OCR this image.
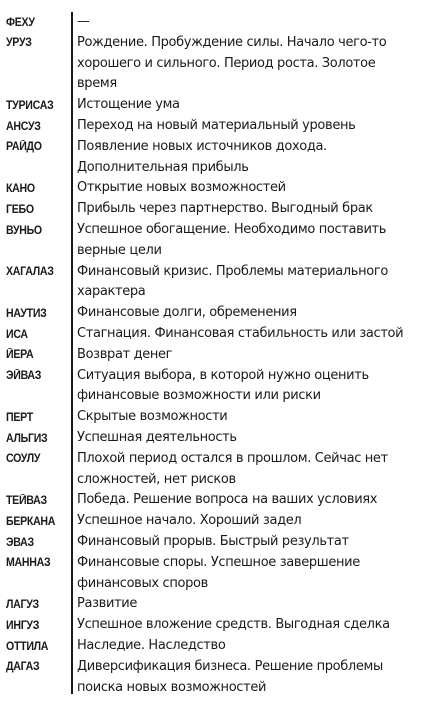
ФЕХУ	—
УРУЗ	Рождение. Пробуждение силы. Начало чего-то
хорошего и сильного. Период роста. Золотое
время
ТУРИСАЗ Истощение ума
АНСУЗ	Переход на новый материальный уровень
РАЙДО	Появление новых источников дохода.
Дополнительная прибыль
КАНО	Открытие новых возможностей
ГЕБО	Прибыль через партнерство. Выгодный брак
ВУНЬО	Успешное обогащение. Необходимо поставить
верные цели
ХАГАЛАЗ Финансовый кризис. Проблемы материального
характера
НАУТИЗ Финансовые долги, обременения
ИСА	Стагнация. Финансовая стабильность или застой
ЙЕРА	Возврат денег
ЭЙВАЗ	Ситуация выбора, в которой нужно оценить
финансовые возможности или риски
ПЕРТ	Скрытые возможности
АЛЬГИЗ Успешная деятельность
СОУЛУ	Плохой период остался в прошлом. Сейчас нет
сложностей, нет рисков
ТЕЙВАЗ Победа. Решение вопроса на ваших условиях
БЕРКАНА Успешное начало. Хороший задел
ЭВАЗ	Финансовый прорыв. Быстрый результат
МАННАЗ Финансовые споры. Успешное завершение
финансовых споров
ЛАГУЗ	Развитие
ИНГУЗ	Успешное вложение средств. Выгодная сделка
ОТТИЛА Наследие. Наследство
ДАГАЗ	Диверсификация бизнеса. Решение проблемы
поиска новых возможностей
